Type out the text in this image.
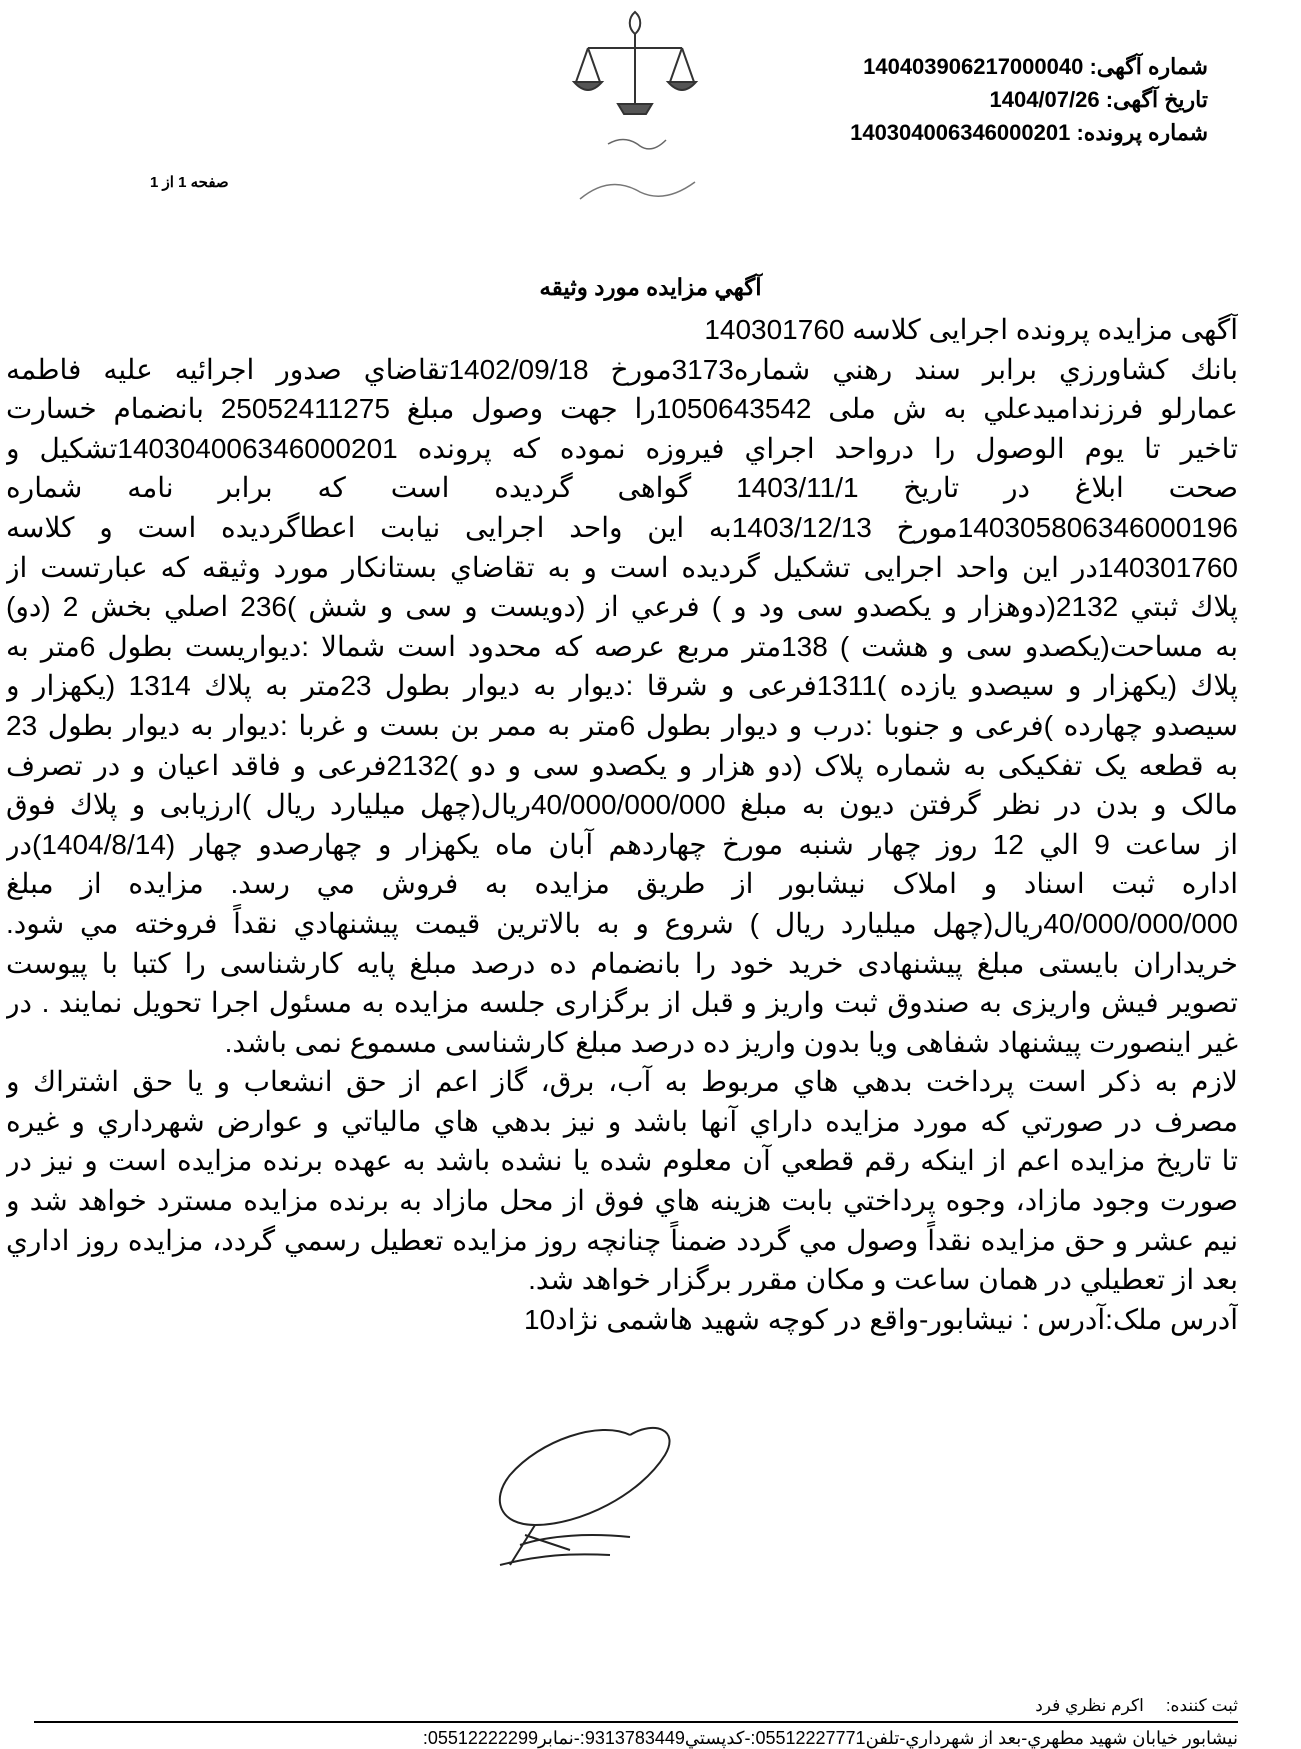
شماره آگهی: 140403906217000040
تاریخ آگهی: 1404/07/26
شماره پرونده: 140304006346000201
صفحه 1 از 1
آگهي مزايده مورد وثيقه
آگهی مزایده پرونده اجرایی کلاسه 140301760
بانك كشاورزي برابر سند رهني شماره3173مورخ 1402/09/18تقاضاي صدور اجرائيه عليه فاطمه
عمارلو فرزندامیدعلي به ش ملی 1050643542را جهت وصول مبلغ 25052411275 بانضمام خسارت
تاخير تا يوم الوصول را درواحد اجراي فيروزه نموده كه پرونده 140304006346000201تشكيل و
صحت ابلاغ در تاريخ 1403/11/1 گواهی گرديده است كه برابر نامه شماره
140305806346000196مورخ 1403/12/13به اين واحد اجرايی نيابت اعطاگرديده است و كلاسه
140301760در اين واحد اجرايی تشكيل گرديده است و به تقاضاي بستانكار مورد وثيقه كه عبارتست از
پلاك ثبتي 2132(دوهزار و يكصدو سی ود و ) فرعي از (دويست و سی و شش )236 اصلي بخش 2 (دو)
به مساحت(يكصدو سی و هشت ) 138متر مربع عرصه كه محدود است شمالا :ديواريست بطول 6متر به
پلاك (يكهزار و سيصدو يازده )1311فرعی و شرقا :ديوار به ديوار بطول 23متر به پلاك 1314 (يكهزار و
سيصدو چهارده )فرعی و جنوبا :درب و ديوار بطول 6متر به ممر بن بست و غربا :ديوار به ديوار بطول 23
به قطعه يک تفکيکی به شماره پلاک (دو هزار و يکصدو سی و دو )2132فرعی و فاقد اعيان و در تصرف
مالک و بدن در نظر گرفتن ديون به مبلغ 40/000/000/000ريال(چهل ميليارد ريال )ارزيابی و پلاك فوق
از ساعت 9 الي 12 روز چهار شنبه مورخ چهاردهم آبان ماه يكهزار و چهارصدو چهار (1404/8/14)در
اداره ثبت اسناد و املاک نيشابور از طريق مزايده به فروش مي رسد. مزايده از مبلغ
40/000/000/000ريال(چهل ميليارد ريال ) شروع و به بالاترين قيمت پيشنهادي نقداً فروخته مي شود.
خريداران بايستی مبلغ پيشنهادی خريد خود را بانضمام ده درصد مبلغ پايه کارشناسی را کتبا با پيوست
تصوير فيش واريزی به صندوق ثبت واريز و قبل از برگزاری جلسه مزايده به مسئول اجرا تحويل نمايند . در
غير اينصورت پيشنهاد شفاهی ويا بدون واريز ده درصد مبلغ کارشناسی مسموع نمی باشد.
لازم به ذكر است پرداخت بدهي هاي مربوط به آب، برق، گاز اعم از حق انشعاب و يا حق اشتراك و
مصرف در صورتي كه مورد مزايده داراي آنها باشد و نيز بدهي هاي مالياتي و عوارض شهرداري و غيره
تا تاريخ مزايده اعم از اينكه رقم قطعي آن معلوم شده يا نشده باشد به عهده برنده مزايده است و نيز در
صورت وجود مازاد، وجوه پرداختي بابت هزينه هاي فوق از محل مازاد به برنده مزايده مسترد خواهد شد و
نيم عشر و حق مزايده نقداً وصول مي گردد ضمناً چنانچه روز مزايده تعطيل رسمي گردد، مزايده روز اداري
بعد از تعطيلي در همان ساعت و مكان مقرر برگزار خواهد شد.
آدرس ملک:آدرس : نيشابور-واقع در كوچه شهيد هاشمی نژاد10
ثبت کننده:اکرم نظري فرد
نيشابور خيابان شهيد مطهري-بعد از شهرداري-تلفن05512227771:-کدپستي9313783449:-نمابر05512222299:
